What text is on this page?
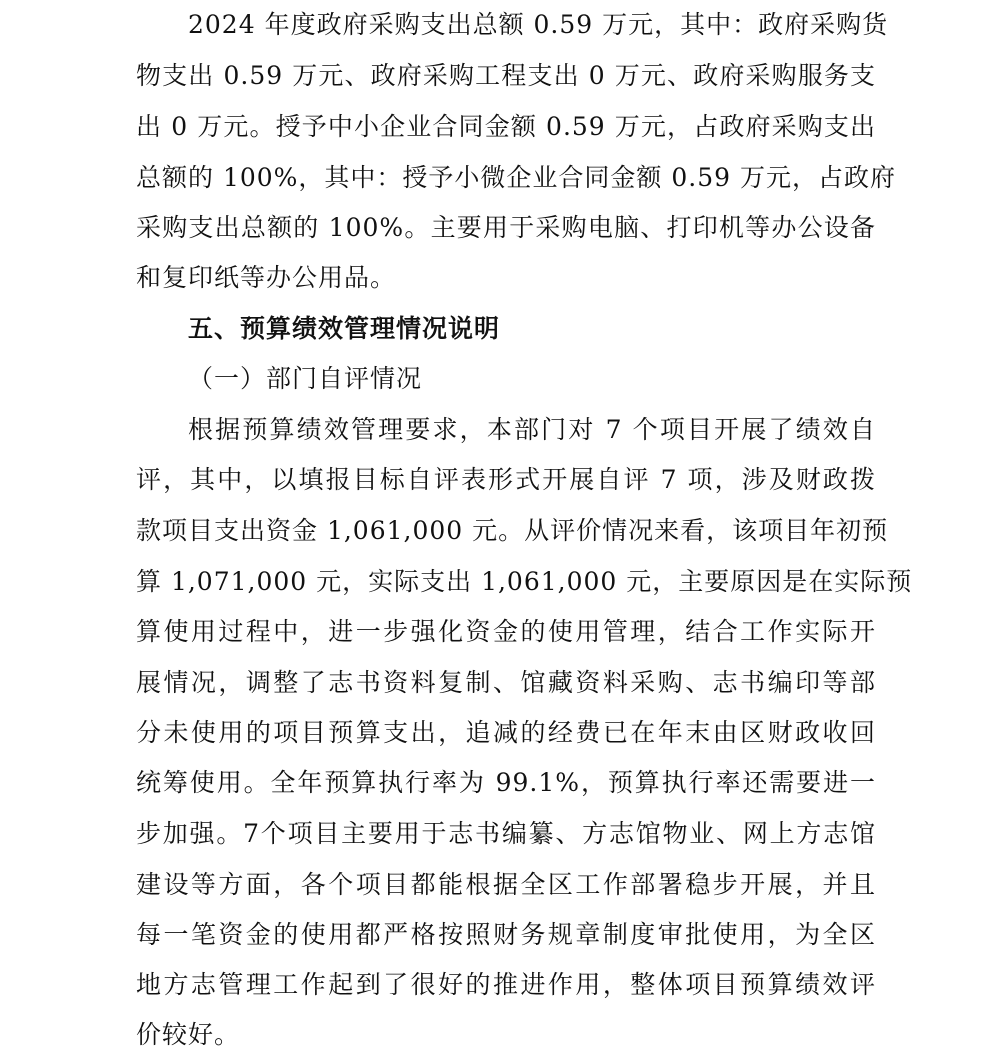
2024 年度政府采购支出总额 0.59 万元，其中：政府采购货
物支出 0.59 万元、政府采购工程支出 0 万元、政府采购服务支
出 0 万元。授予中小企业合同金额 0.59 万元，占政府采购支出
总额的 100%，其中：授予小微企业合同金额 0.59 万元，占政府
采购支出总额的 100%。主要用于采购电脑、打印机等办公设备
和复印纸等办公用品。
五、预算绩效管理情况说明
（一）部门自评情况
根据预算绩效管理要求，本部门对 7 个项目开展了绩效自
评，其中，以填报目标自评表形式开展自评 7 项，涉及财政拨
款项目支出资金 1,061,000 元。从评价情况来看，该项目年初预
算 1,071,000 元，实际支出 1,061,000 元，主要原因是在实际预
算使用过程中，进一步强化资金的使用管理，结合工作实际开
展情况，调整了志书资料复制、馆藏资料采购、志书编印等部
分未使用的项目预算支出，追减的经费已在年末由区财政收回
统筹使用。全年预算执行率为 99.1%，预算执行率还需要进一
步加强。7个项目主要用于志书编纂、方志馆物业、网上方志馆
建设等方面，各个项目都能根据全区工作部署稳步开展，并且
每一笔资金的使用都严格按照财务规章制度审批使用，为全区
地方志管理工作起到了很好的推进作用，整体项目预算绩效评
价较好。
